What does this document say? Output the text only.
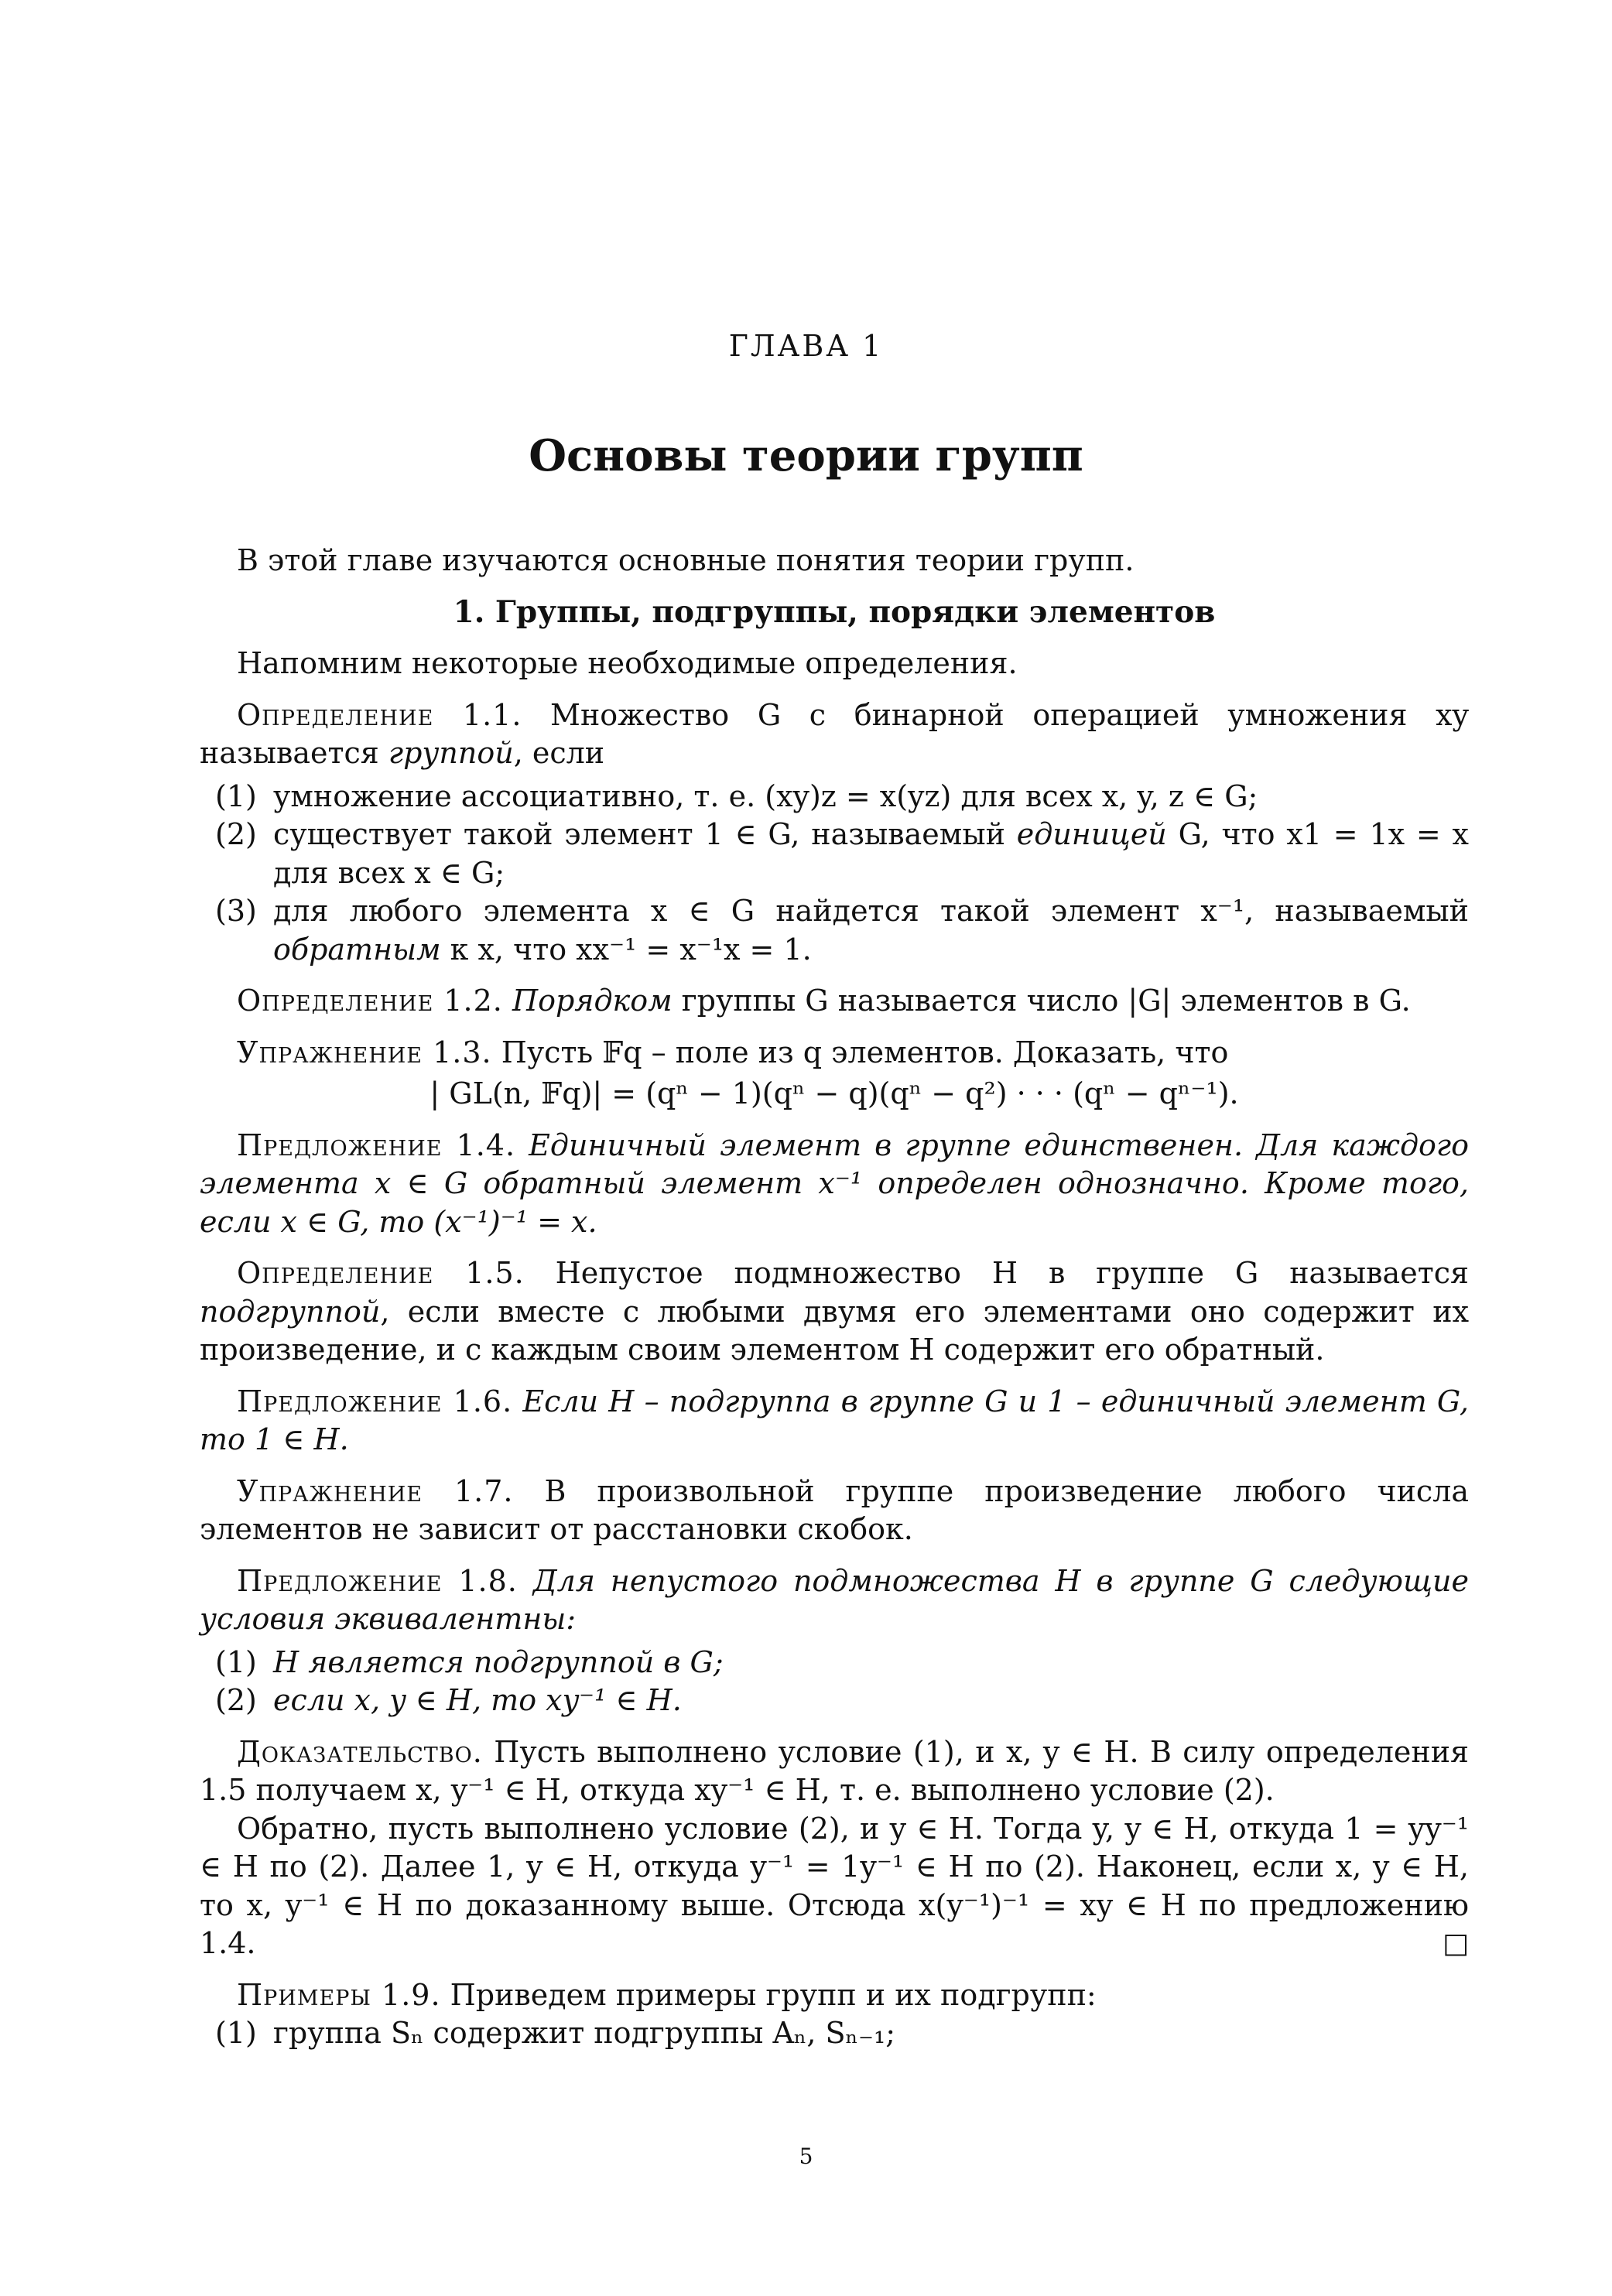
ГЛАВА 1
Основы теории групп

В этой главе изучаются основные понятия теории групп.

1. Группы, подгруппы, порядки элементов

Напомним некоторые необходимые определения.

Определение 1.1. Множество G с бинарной операцией умножения xy называется группой, если

(1) умножение ассоциативно, т. е. (xy)z = x(yz) для всех x, y, z ∈ G;
(2) существует такой элемент 1 ∈ G, называемый единицей G, что x1 = 1x = x для всех x ∈ G;
(3) для любого элемента x ∈ G найдется такой элемент x⁻¹, называемый обратным к x, что xx⁻¹ = x⁻¹x = 1.

Определение 1.2. Порядком группы G называется число |G| элементов в G.

Упражнение 1.3. Пусть 𝔽q – поле из q элементов. Доказать, что

| GL(n, 𝔽q)| = (qⁿ − 1)(qⁿ − q)(qⁿ − q²) · · · (qⁿ − qⁿ⁻¹).

Предложение 1.4. Единичный элемент в группе единственен. Для каждого элемента x ∈ G обратный элемент x⁻¹ определен однозначно. Кроме того, если x ∈ G, то (x⁻¹)⁻¹ = x.

Определение 1.5. Непустое подмножество H в группе G называется подгруппой, если вместе с любыми двумя его элементами оно содержит их произведение, и с каждым своим элементом H содержит его обратный.

Предложение 1.6. Если H – подгруппа в группе G и 1 – единичный элемент G, то 1 ∈ H.

Упражнение 1.7. В произвольной группе произведение любого числа элементов не зависит от расстановки скобок.

Предложение 1.8. Для непустого подмножества H в группе G следующие условия эквивалентны:

(1) H является подгруппой в G;
(2) если x, y ∈ H, то xy⁻¹ ∈ H.

Доказательство. Пусть выполнено условие (1), и x, y ∈ H. В силу определения 1.5 получаем x, y⁻¹ ∈ H, откуда xy⁻¹ ∈ H, т. е. выполнено условие (2).

Обратно, пусть выполнено условие (2), и y ∈ H. Тогда y, y ∈ H, откуда 1 = yy⁻¹ ∈ H по (2). Далее 1, y ∈ H, откуда y⁻¹ = 1y⁻¹ ∈ H по (2). Наконец, если x, y ∈ H, то x, y⁻¹ ∈ H по доказанному выше. Отсюда x(y⁻¹)⁻¹ = xy ∈ H по предложению 1.4.	□

Примеры 1.9. Приведем примеры групп и их подгрупп:

(1) группа Sₙ содержит подгруппы Aₙ, Sₙ₋₁;
5
